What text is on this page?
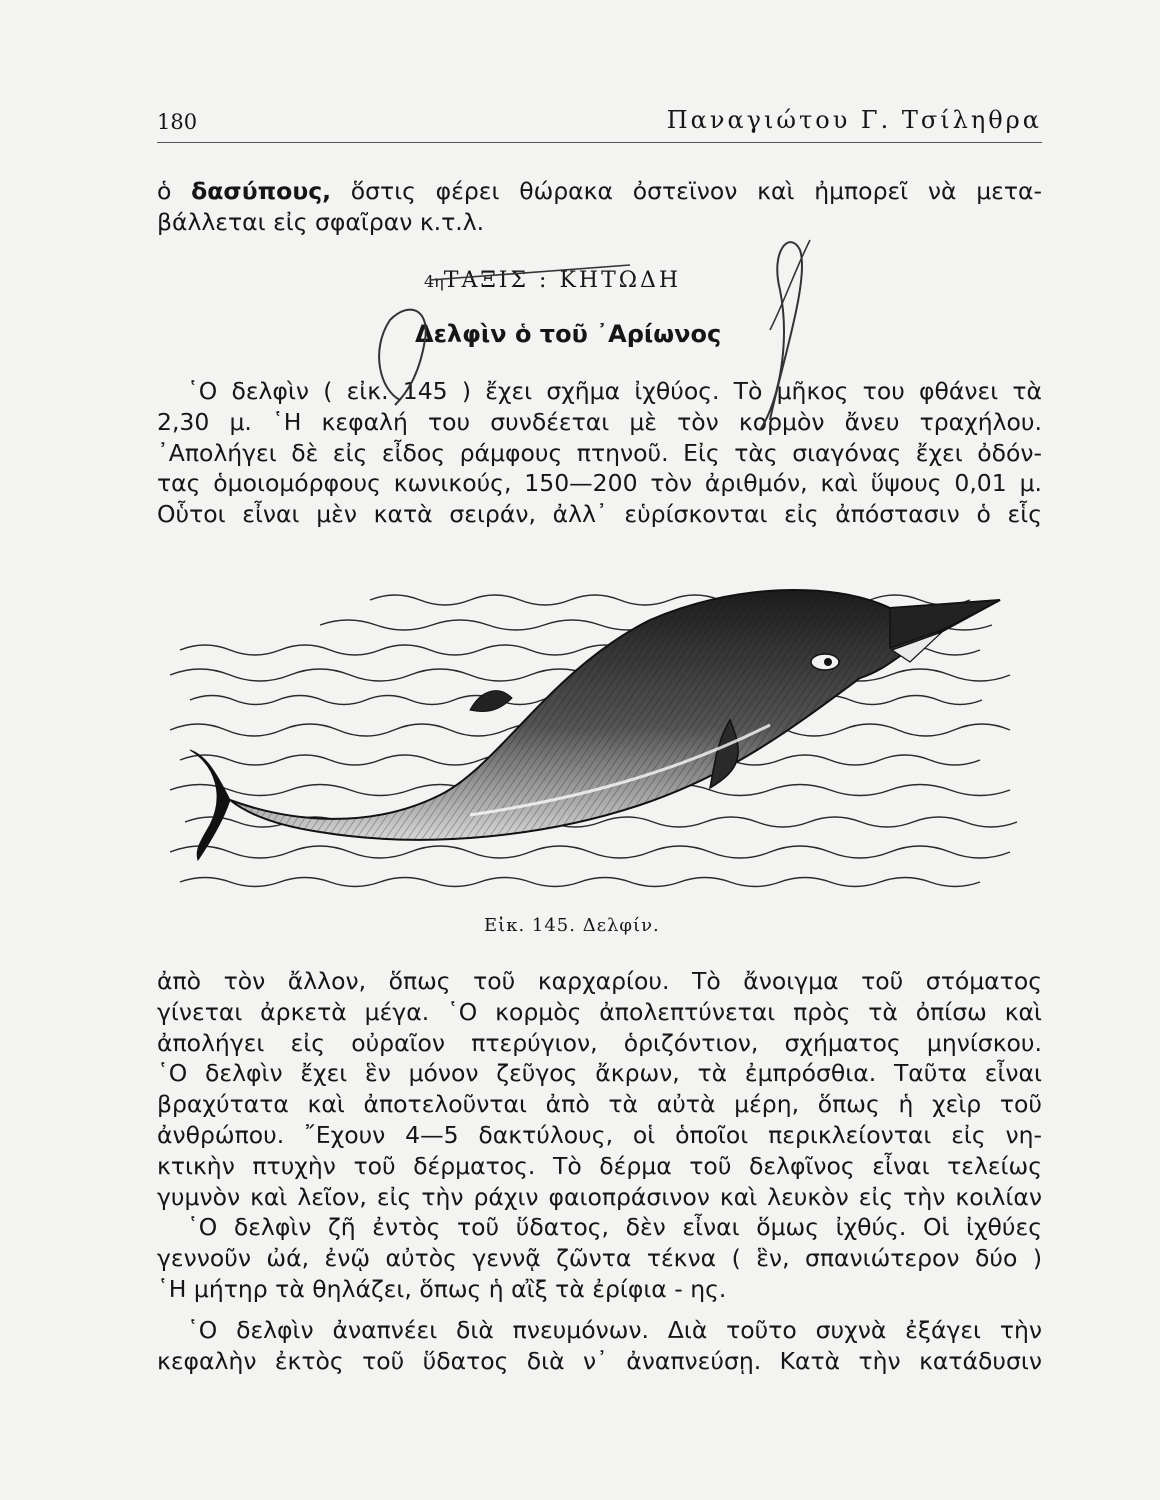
180	Παναγιώτου Γ. Τσίληθρα
ὁ δασύπους, ὅστις φέρει θώρακα ὀστεϊνον καὶ ἠμπορεῖ νὰ μετα-
βάλλεται εἰς σφαῖραν κ.τ.λ.
4ηΤΑΞΙΣ : ΚΗΤΩΔΗ
Δελφὶν ὁ τοῦ ᾿Αρίωνος
῾Ο δελφὶν ( εἰκ. 145 ) ἔχει σχῆμα ἰχθύος. Τὸ μῆκος του φθάνει τὰ
2,30 μ. ῾Η κεφαλή του συνδέεται μὲ τὸν κορμὸν ἄνευ τραχήλου.
᾿Απολήγει δὲ εἰς εἶδος ράμφους πτηνοῦ. Εἰς τὰς σιαγόνας ἔχει ὀδόν-
τας ὁμοιομόρφους κωνικούς, 150—200 τὸν ἀριθμόν, καὶ ὕψους 0,01 μ.
Οὗτοι εἶναι μὲν κατὰ σειράν, ἀλλ᾿ εὑρίσκονται εἰς ἀπόστασιν ὁ εἷς
Εἰκ. 145. Δελφίν.
ἀπὸ τὸν ἄλλον, ὅπως τοῦ καρχαρίου. Τὸ ἄνοιγμα τοῦ στόματος
γίνεται ἀρκετὰ μέγα. ῾Ο κορμὸς ἀπολεπτύνεται πρὸς τὰ ὀπίσω καὶ
ἀπολήγει εἰς οὐραῖον πτερύγιον, ὁριζόντιον, σχήματος μηνίσκου.
῾Ο δελφὶν ἔχει ἓν μόνον ζεῦγος ἄκρων, τὰ ἐμπρόσθια. Ταῦτα εἶναι
βραχύτατα καὶ ἀποτελοῦνται ἀπὸ τὰ αὐτὰ μέρη, ὅπως ἡ χεὶρ τοῦ
ἀνθρώπου. ῎Εχουν 4—5 δακτύλους, οἱ ὁποῖοι περικλείονται εἰς νη-
κτικὴν πτυχὴν τοῦ δέρματος. Τὸ δέρμα τοῦ δελφῖνος εἶναι τελείως
γυμνὸν καὶ λεῖον, εἰς τὴν ράχιν φαιοπράσινον καὶ λευκὸν εἰς τὴν κοιλίαν
῾Ο δελφὶν ζῆ ἐντὸς τοῦ ὕδατος, δὲν εἶναι ὅμως ἰχθύς. Οἱ ἰχθύες
γεννοῦν ὠά, ἐνῷ αὐτὸς γεννᾷ ζῶντα τέκνα ( ἓν, σπανιώτερον δύο )
῾Η μήτηρ τὰ θηλάζει, ὅπως ἡ αἲξ τὰ ἐρίφια - ης.
῾Ο δελφὶν ἀναπνέει διὰ πνευμόνων. Διὰ τοῦτο συχνὰ ἐξάγει τὴν
κεφαλὴν ἐκτὸς τοῦ ὕδατος διὰ ν᾿ ἀναπνεύσῃ. Κατὰ τὴν κατάδυσιν
